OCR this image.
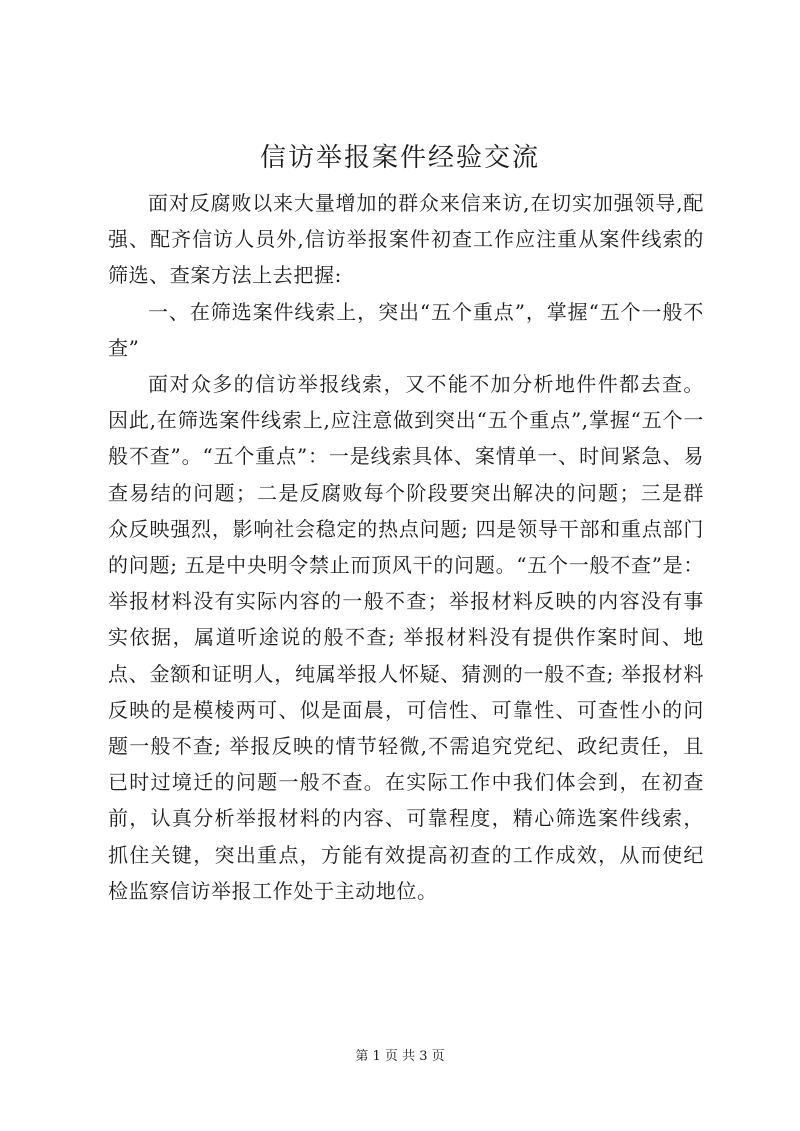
信访举报案件经验交流

面对反腐败以来大量增加的群众来信来访,在切实加强领导,配强、配齐信访人员外,信访举报案件初查工作应注重从案件线索的筛选、查案方法上去把握:

一、在筛选案件线索上，突出“五个重点”，掌握“五个一般不查”

面对众多的信访举报线索，又不能不加分析地件件都去查。因此,在筛选案件线索上,应注意做到突出“五个重点”,掌握“五个一般不查”。“五个重点”：一是线索具体、案情单一、时间紧急、易查易结的问题；二是反腐败每个阶段要突出解决的问题；三是群众反映强烈，影响社会稳定的热点问题; 四是领导干部和重点部门的问题; 五是中央明令禁止而顶风干的问题。“五个一般不查”是：举报材料没有实际内容的一般不查；举报材料反映的内容没有事实依据，属道听途说的般不查; 举报材料没有提供作案时间、地点、金额和证明人，纯属举报人怀疑、猜测的一般不查; 举报材料反映的是模棱两可、似是面晨，可信性、可靠性、可查性小的问题一般不查; 举报反映的情节轻微,不需追究党纪、政纪责任，且已时过境迁的问题一般不查。在实际工作中我们体会到，在初查前，认真分析举报材料的内容、可靠程度，精心筛选案件线索，抓住关键，突出重点，方能有效提高初查的工作成效，从而使纪检监察信访举报工作处于主动地位。

第 1 页 共 3 页
